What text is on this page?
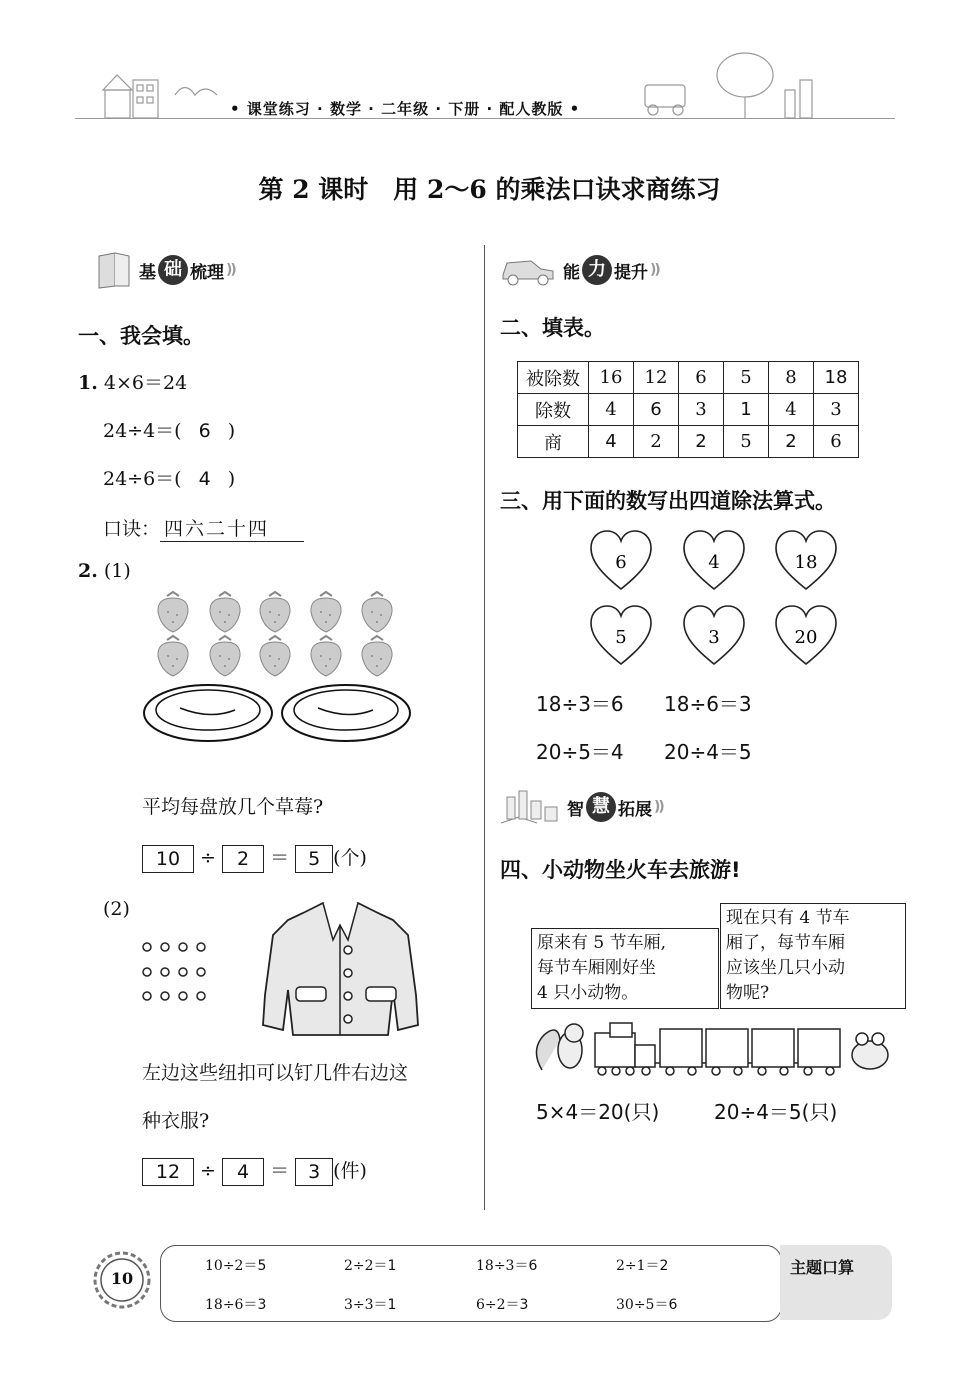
• 课堂练习 · 数学 · 二年级 · 下册 · 配人教版 •
第 2 课时　用 2～6 的乘法口诀求商练习
基 础 梳理 ))
一、我会填。
1. 4×6＝24
24÷4＝( 6 )
24÷6＝( 4 )
口诀： 四六二十四
2. (1)
平均每盘放几个草莓?
10 ÷ 2 ＝ 5 (个)
(2)
左边这些纽扣可以钉几件右边这
种衣服?
12 ÷ 4 ＝ 3 (件)
能 力 提升 ))
二、填表。
被除数	16	12	6	5	8	18
除数	4	6	3	1	4	3
商	4	2	2	5	2	6
三、用下面的数写出四道除法算式。
6	4	18
5	3	20
18÷3＝6 18÷6＝3
20÷5＝4 20÷4＝5
智 慧 拓展 ))
四、小动物坐火车去旅游!
原来有 5 节车厢,
每节车厢刚好坐
4 只小动物。
现在只有 4 节车
厢了，每节车厢
应该坐几只小动
物呢?
5×4＝20(只)	20÷4＝5(只)
10
主题口算
10÷2＝5	2÷2＝1	18÷3＝6	2÷1＝2
18÷6＝3	3÷3＝1	6÷2＝3	30÷5＝6
